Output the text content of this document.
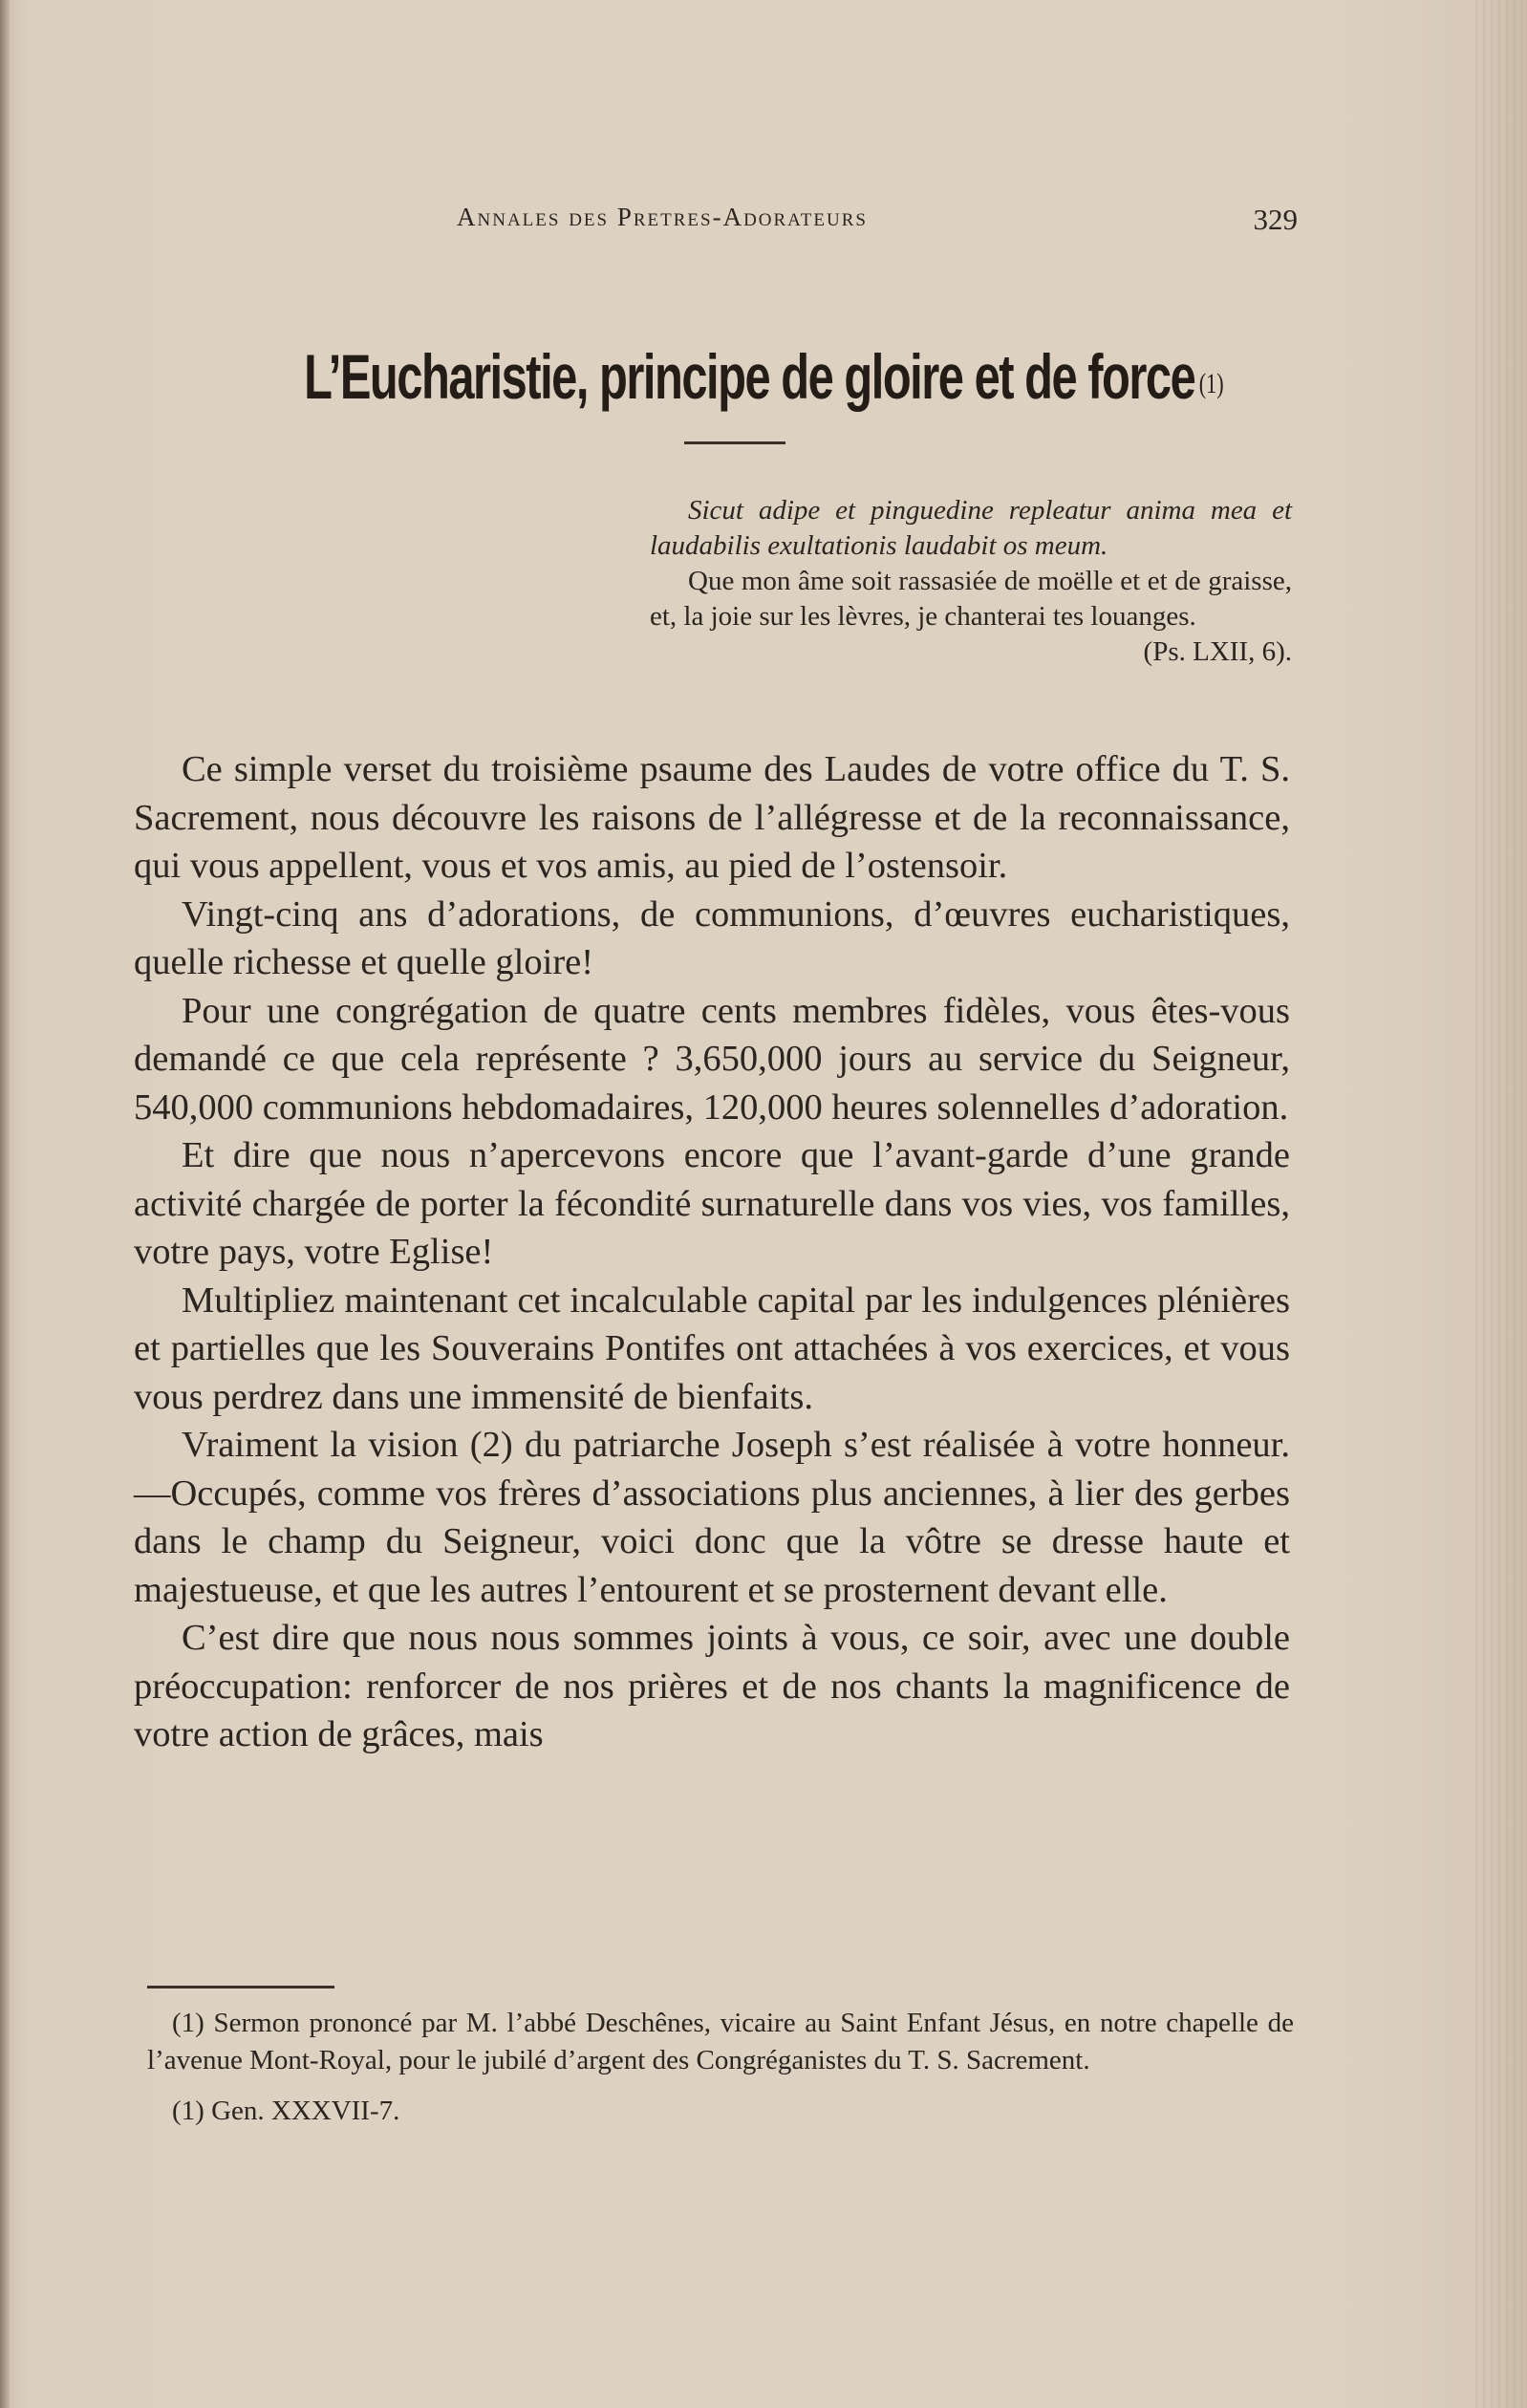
Annales des Pretres-Adorateurs	329
L’Eucharistie, principe de gloire et de force (1)

Sicut adipe et pinguedine repleatur anima mea et laudabilis exultationis laudabit os meum.

Que mon âme soit rassasiée de moëlle et et de graisse, et, la joie sur les lèvres, je chanterai tes louanges.

(Ps. LXII, 6).

Ce simple verset du troisième psaume des Laudes de votre office du T. S. Sacrement, nous découvre les raisons de l’allégresse et de la reconnaissance, qui vous appellent, vous et vos amis, au pied de l’ostensoir.

Vingt-cinq ans d’adorations, de communions, d’œuvres eucharistiques, quelle richesse et quelle gloire!

Pour une congrégation de quatre cents membres fidèles, vous êtes-vous demandé ce que cela représente ? 3,650,000 jours au service du Seigneur, 540,000 communions hebdomadaires, 120,000 heures solennelles d’adoration.

Et dire que nous n’apercevons encore que l’avant-garde d’une grande activité chargée de porter la fécondité surnaturelle dans vos vies, vos familles, votre pays, votre Eglise!

Multipliez maintenant cet incalculable capital par les indulgences plénières et partielles que les Souverains Pontifes ont attachées à vos exercices, et vous vous perdrez dans une immensité de bienfaits.

Vraiment la vision (2) du patriarche Joseph s’est réalisée à votre honneur.—Occupés, comme vos frères d’associations plus anciennes, à lier des gerbes dans le champ du Seigneur, voici donc que la vôtre se dresse haute et majestueuse, et que les autres l’entourent et se prosternent devant elle.

C’est dire que nous nous sommes joints à vous, ce soir, avec une double préoccupation: renforcer de nos prières et de nos chants la magnificence de votre action de grâces, mais

(1) Sermon prononcé par M. l’abbé Deschênes, vicaire au Saint Enfant Jésus, en notre chapelle de l’avenue Mont-Royal, pour le jubilé d’argent des Congréganistes du T. S. Sacrement.

(1) Gen. XXXVII-7.
